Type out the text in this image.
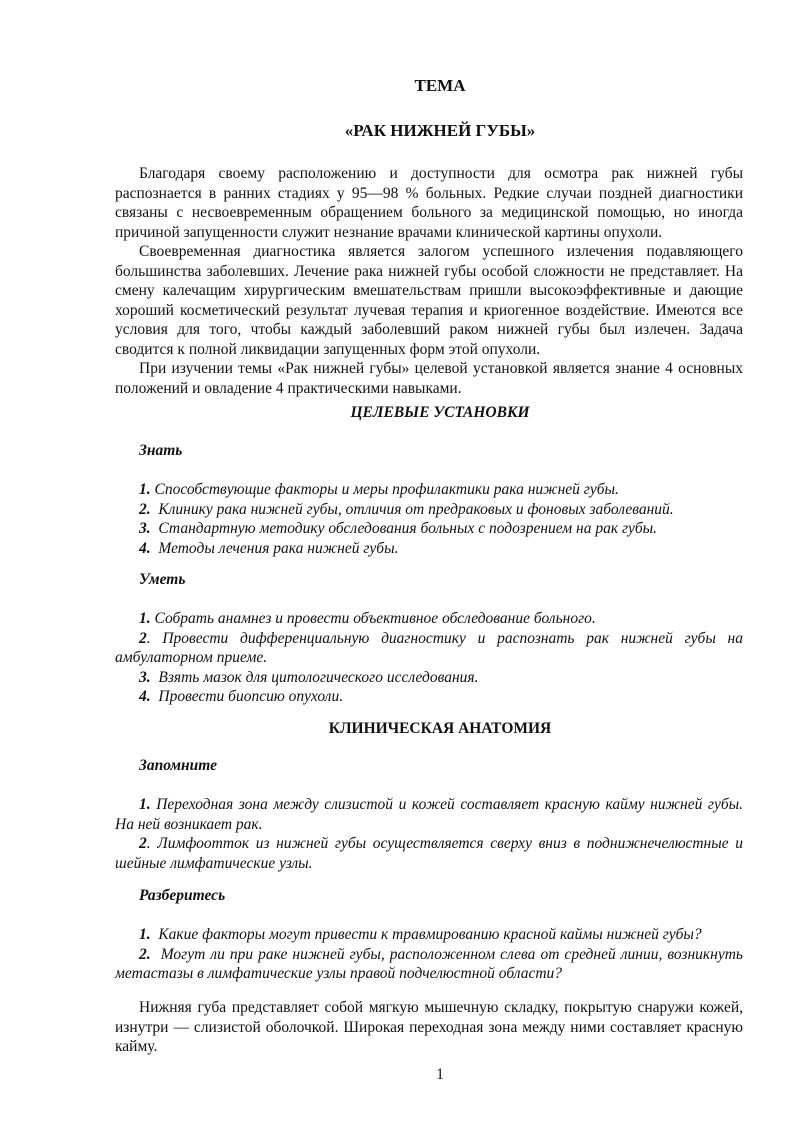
ТЕМА
«РАК НИЖНЕЙ ГУБЫ»

Благодаря своему расположению и доступности для осмотра рак нижней губы распознается в ранних стадиях у 95—98 % больных. Редкие случаи поздней диагностики связаны с несвоевременным обращением больного за медицинской помощью, но иногда причиной запущенности служит незнание врачами клинической картины опухоли.

Своевременная диагностика является залогом успешного излечения подавляющего большинства заболевших. Лечение рака нижней губы особой сложности не представляет. На смену калечащим хирургическим вмешательствам пришли высокоэффективные и дающие хороший косметический результат лучевая терапия и криогенное воздействие. Имеются все условия для того, чтобы каждый заболевший раком нижней губы был излечен. Задача сводится к полной ликвидации запущенных форм этой опухоли.

При изучении темы «Рак нижней губы» целевой установкой является знание 4 основных положений и овладение 4 практическими навыками.

ЦЕЛЕВЫЕ УСТАНОВКИ
Знать

1. Способствующие факторы и меры профилактики рака нижней губы.

2. Клинику рака нижней губы, отличия от предраковых и фоновых заболеваний.

3. Стандартную методику обследования больных с подозрением на рак губы.

4. Методы лечения рака нижней губы.

Уметь

1. Собрать анамнез и провести объективное обследование больного.

2. Провести дифференциальную диагностику и распознать рак нижней губы на амбулаторном приеме.

3. Взять мазок для цитологического исследования.

4. Провести биопсию опухоли.

КЛИНИЧЕСКАЯ АНАТОМИЯ
Запомните

1. Переходная зона между слизистой и кожей составляет красную кайму нижней губы. На ней возникает рак.

2. Лимфоотток из нижней губы осуществляется сверху вниз в поднижнечелюстные и шейные лимфатические узлы.

Разберитесь

1. Какие факторы могут привести к травмированию красной каймы нижней губы?

2. Могут ли при раке нижней губы, расположенном слева от средней линии, возникнуть метастазы в лимфатические узлы правой подчелюстной области?

Нижняя губа представляет собой мягкую мышечную складку, покрытую снаружи кожей, изнутри — слизистой оболочкой. Широкая переходная зона между ними составляет красную кайму.

1
